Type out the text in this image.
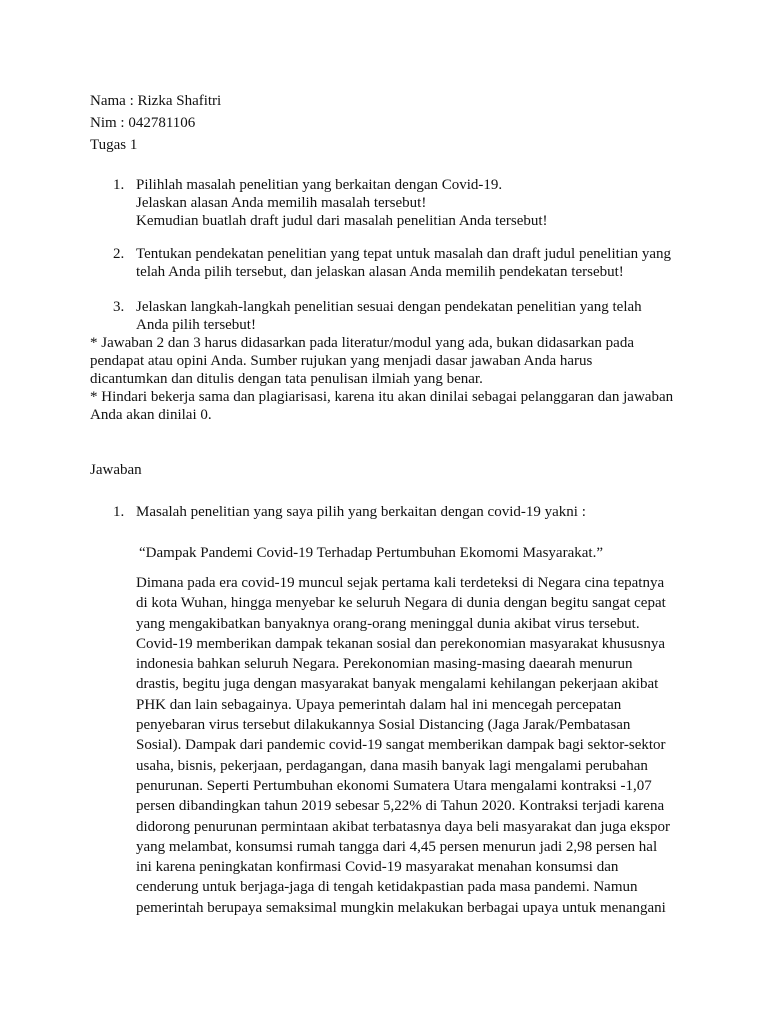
Nama : Rizka Shafitri
Nim : 042781106
Tugas 1
1. Pilihlah masalah penelitian yang berkaitan dengan Covid-19.
Jelaskan alasan Anda memilih masalah tersebut!
Kemudian buatlah draft judul dari masalah penelitian Anda tersebut!
2. Tentukan pendekatan penelitian yang tepat untuk masalah dan draft judul penelitian yang
telah Anda pilih tersebut, dan jelaskan alasan Anda memilih pendekatan tersebut!
3. Jelaskan langkah-langkah penelitian sesuai dengan pendekatan penelitian yang telah
Anda pilih tersebut!
* Jawaban 2 dan 3 harus didasarkan pada literatur/modul yang ada, bukan didasarkan pada
pendapat atau opini Anda. Sumber rujukan yang menjadi dasar jawaban Anda harus
dicantumkan dan ditulis dengan tata penulisan ilmiah yang benar.
* Hindari bekerja sama dan plagiarisasi, karena itu akan dinilai sebagai pelanggaran dan jawaban
Anda akan dinilai 0.
Jawaban
1. Masalah penelitian yang saya pilih yang berkaitan dengan covid-19 yakni :
“Dampak Pandemi Covid-19 Terhadap Pertumbuhan Ekomomi Masyarakat.”
Dimana pada era covid-19 muncul sejak pertama kali terdeteksi di Negara cina tepatnya
di kota Wuhan, hingga menyebar ke seluruh Negara di dunia dengan begitu sangat cepat
yang mengakibatkan banyaknya orang-orang meninggal dunia akibat virus tersebut.
Covid-19 memberikan dampak tekanan sosial dan perekonomian masyarakat khususnya
indonesia bahkan seluruh Negara. Perekonomian masing-masing daearah menurun
drastis, begitu juga dengan masyarakat banyak mengalami kehilangan pekerjaan akibat
PHK dan lain sebagainya. Upaya pemerintah dalam hal ini mencegah percepatan
penyebaran virus tersebut dilakukannya Sosial Distancing (Jaga Jarak/Pembatasan
Sosial). Dampak dari pandemic covid-19 sangat memberikan dampak bagi sektor-sektor
usaha, bisnis, pekerjaan, perdagangan, dana masih banyak lagi mengalami perubahan
penurunan. Seperti Pertumbuhan ekonomi Sumatera Utara mengalami kontraksi -1,07
persen dibandingkan tahun 2019 sebesar 5,22% di Tahun 2020. Kontraksi terjadi karena
didorong penurunan permintaan akibat terbatasnya daya beli masyarakat dan juga ekspor
yang melambat, konsumsi rumah tangga dari 4,45 persen menurun jadi 2,98 persen hal
ini karena peningkatan konfirmasi Covid-19 masyarakat menahan konsumsi dan
cenderung untuk berjaga-jaga di tengah ketidakpastian pada masa pandemi. Namun
pemerintah berupaya semaksimal mungkin melakukan berbagai upaya untuk menangani
